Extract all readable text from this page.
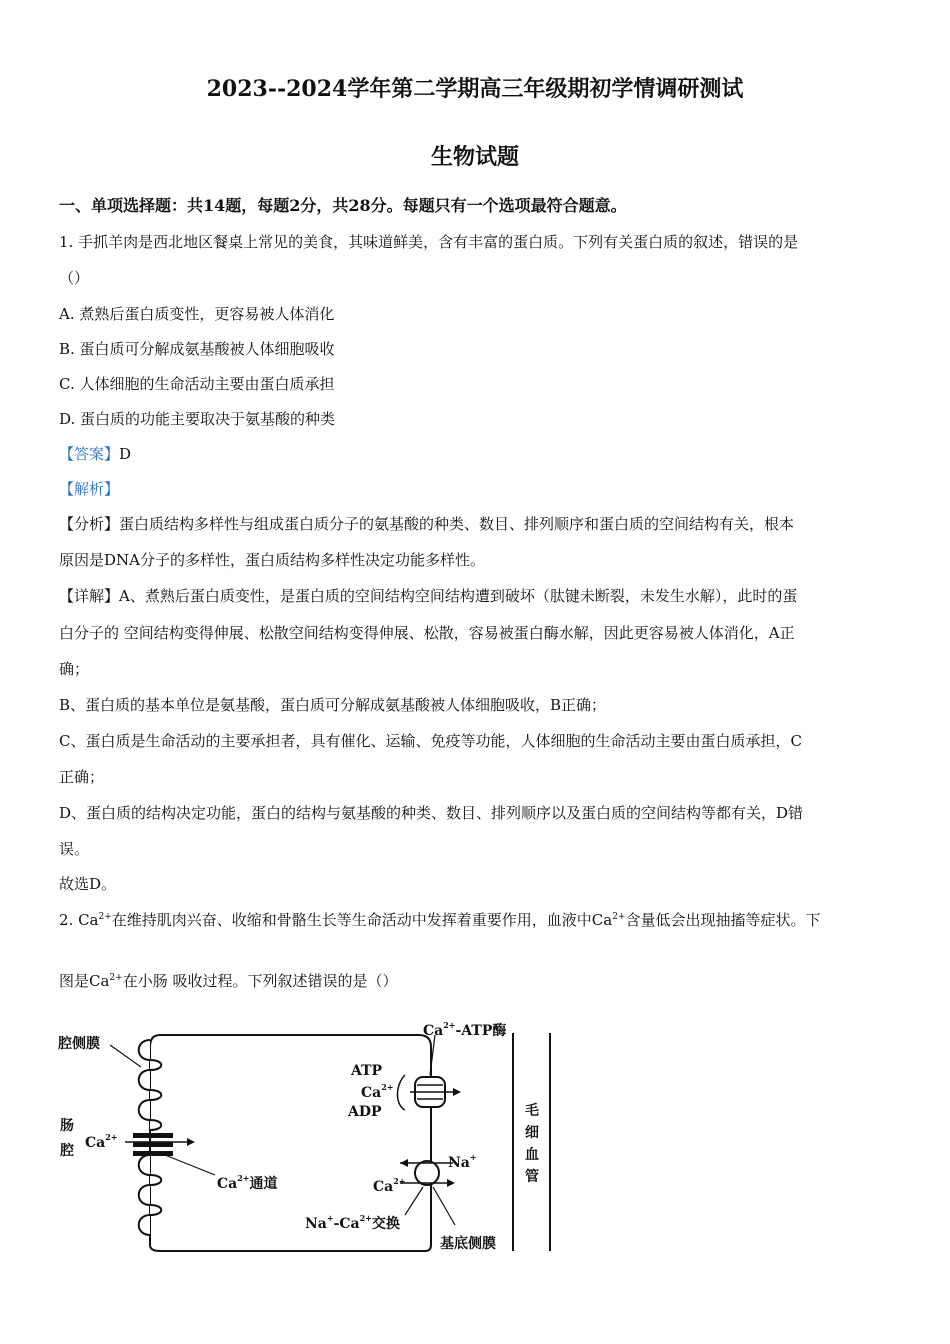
2023--2024学年第二学期高三年级期初学情调研测试
生物试题
一、单项选择题：共14题，每题2分，共28分。每题只有一个选项最符合题意。
1. 手抓羊肉是西北地区餐桌上常见的美食，其味道鲜美，含有丰富的蛋白质。下列有关蛋白质的叙述，错误的是
（）
A. 煮熟后蛋白质变性，更容易被人体消化
B. 蛋白质可分解成氨基酸被人体细胞吸收
C. 人体细胞的生命活动主要由蛋白质承担
D. 蛋白质的功能主要取决于氨基酸的种类
【答案】D
【解析】
【分析】蛋白质结构多样性与组成蛋白质分子的氨基酸的种类、数目、排列顺序和蛋白质的空间结构有关，根本
原因是DNA分子的多样性，蛋白质结构多样性决定功能多样性。
【详解】A、煮熟后蛋白质变性，是蛋白质的空间结构空间结构遭到破坏（肽键未断裂，未发生水解），此时的蛋
白分子的 空间结构变得伸展、松散空间结构变得伸展、松散，容易被蛋白酶水解，因此更容易被人体消化，A正
确；
B、蛋白质的基本单位是氨基酸，蛋白质可分解成氨基酸被人体细胞吸收，B正确；
C、蛋白质是生命活动的主要承担者，具有催化、运输、免疫等功能，人体细胞的生命活动主要由蛋白质承担，C
正确；
D、蛋白质的结构决定功能，蛋白的结构与氨基酸的种类、数目、排列顺序以及蛋白质的空间结构等都有关，D错
误。
故选D。
2. $Ca^{2+}$在维持肌肉兴奋、收缩和骨骼生长等生命活动中发挥着重要作用，血液中$Ca^{2+}$含量低会出现抽搐等症状。下
图是$Ca^{2+}$在小肠 吸收过程。下列叙述错误的是（）
腔侧膜
肠
腔 $Ca^{2+}$
$Ca^{2+}$通道
$Ca^{2+}$-ATP酶
ATP
$Ca^{2+}$
ADP
Na+
$Ca^{2+}$
$Na^+-Ca^{2+}$交换
基底侧膜
毛
细
血
管
